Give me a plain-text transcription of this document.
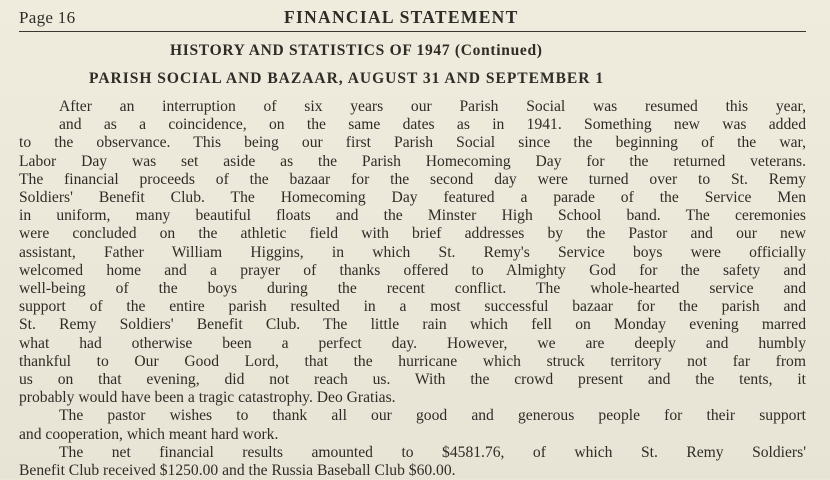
Page 16	FINANCIAL STATEMENT
HISTORY AND STATISTICS OF 1947 (Continued)
PARISH SOCIAL AND BAZAAR, AUGUST 31 AND SEPTEMBER 1
After an interruption of six years our Parish Social was resumed this year,
and as a coincidence, on the same dates as in 1941. Something new was added
to the observance. This being our first Parish Social since the beginning of the war,
Labor Day was set aside as the Parish Homecoming Day for the returned veterans.
The financial proceeds of the bazaar for the second day were turned over to St. Remy
Soldiers' Benefit Club. The Homecoming Day featured a parade of the Service Men
in uniform, many beautiful floats and the Minster High School band. The ceremonies
were concluded on the athletic field with brief addresses by the Pastor and our new
assistant, Father William Higgins, in which St. Remy's Service boys were officially
welcomed home and a prayer of thanks offered to Almighty God for the safety and
well-being of the boys during the recent conflict. The whole-hearted service and
support of the entire parish resulted in a most successful bazaar for the parish and
St. Remy Soldiers' Benefit Club. The little rain which fell on Monday evening marred
what had otherwise been a perfect day. However, we are deeply and humbly
thankful to Our Good Lord, that the hurricane which struck territory not far from
us on that evening, did not reach us. With the crowd present and the tents, it
probably would have been a tragic catastrophy. Deo Gratias.
The pastor wishes to thank all our good and generous people for their support
and cooperation, which meant hard work.
The net financial results amounted to $4581.76, of which St. Remy Soldiers'
Benefit Club received $1250.00 and the Russia Baseball Club $60.00.
